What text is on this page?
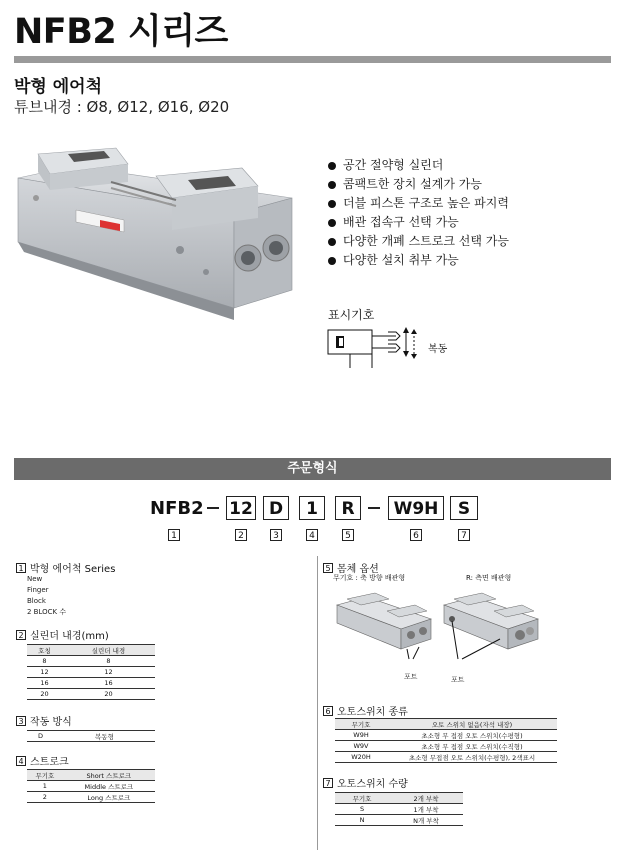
NFB2 시리즈
박형 에어척
튜브내경 : Ø8, Ø12, Ø16, Ø20
공간 절약형 실린더
콤팩트한 장치 설계가 가능
더블 피스톤 구조로 높은 파지력
배관 접속구 선택 가능
다양한 개폐 스트로크 선택 가능
다양한 설치 취부 가능
표시기호
복동
주문형식
NFB2 12 D	1	R	W9H	S
1	2	3	4	5	6	7
1 박형 에어척 Series
New
Finger
Block
2 BLOCK 수
2 실린더 내경(mm)
호칭	실린더 내경
8	8
12	12
16	16
20	20
3 작동 방식
D	복동형
4 스트로크
무기호	Short 스트로크
1	Middle 스트로크
2	Long 스트로크
5 몸체 옵션
무기호 : 축 방향 배관형	R: 측면 배관형
포트	포트
6 오토스위치 종류
무기호	오토 스위치 없음(자석 내장)
W9H	초소형 무 접점 오토 스위치(수평형)
W9V	초소형 무 접점 오토 스위치(수직형)
W20H	초소형 무접점 오토 스위치(수평형), 2색표시
7 오토스위치 수량
무기호	2개 부착
S	1개 부착
N	N개 부착
